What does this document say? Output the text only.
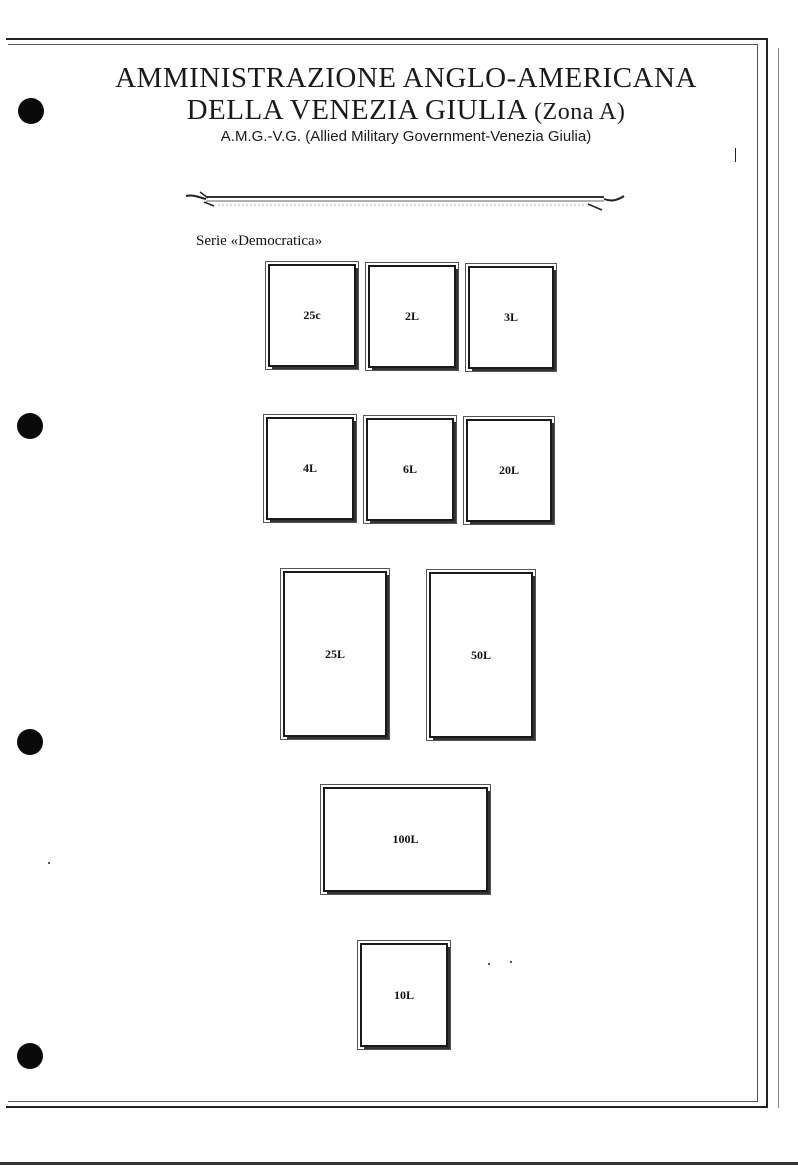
AMMINISTRAZIONE ANGLO-AMERICANA
DELLA VENEZIA GIULIA (Zona A)
A.M.G.-V.G. (Allied Military Government-Venezia Giulia)
Serie «Democratica»
25c	2L	3L
4L	6L	20L
25L	50L
100L
10L
